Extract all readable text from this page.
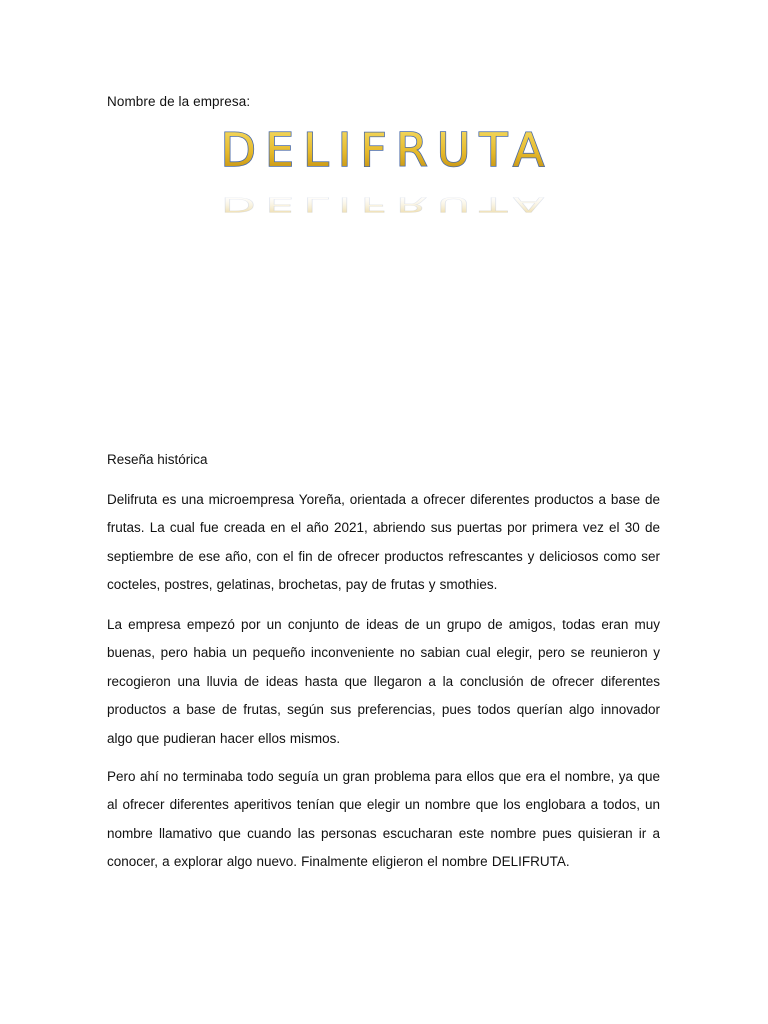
Nombre de la empresa:
DELIFRUTA
DELIFRUTA
Reseña histórica

Delifruta es una microempresa Yoreña, orientada a ofrecer diferentes productos a base de frutas. La cual fue creada en el año 2021, abriendo sus puertas por primera vez el 30 de septiembre de ese año, con el fin de ofrecer productos refrescantes y deliciosos como ser cocteles, postres, gelatinas, brochetas, pay de frutas y smothies.

La empresa empezó por un conjunto de ideas de un grupo de amigos, todas eran muy buenas, pero habia un pequeño inconveniente no sabian cual elegir, pero se reunieron y recogieron una lluvia de ideas hasta que llegaron a la conclusión de ofrecer diferentes productos a base de frutas, según sus preferencias, pues todos querían algo innovador algo que pudieran hacer ellos mismos.

Pero ahí no terminaba todo seguía un gran problema para ellos que era el nombre, ya que al ofrecer diferentes aperitivos tenían que elegir un nombre que los englobara a todos, un nombre llamativo que cuando las personas escucharan este nombre pues quisieran ir a conocer, a explorar algo nuevo. Finalmente eligieron el nombre DELIFRUTA.
